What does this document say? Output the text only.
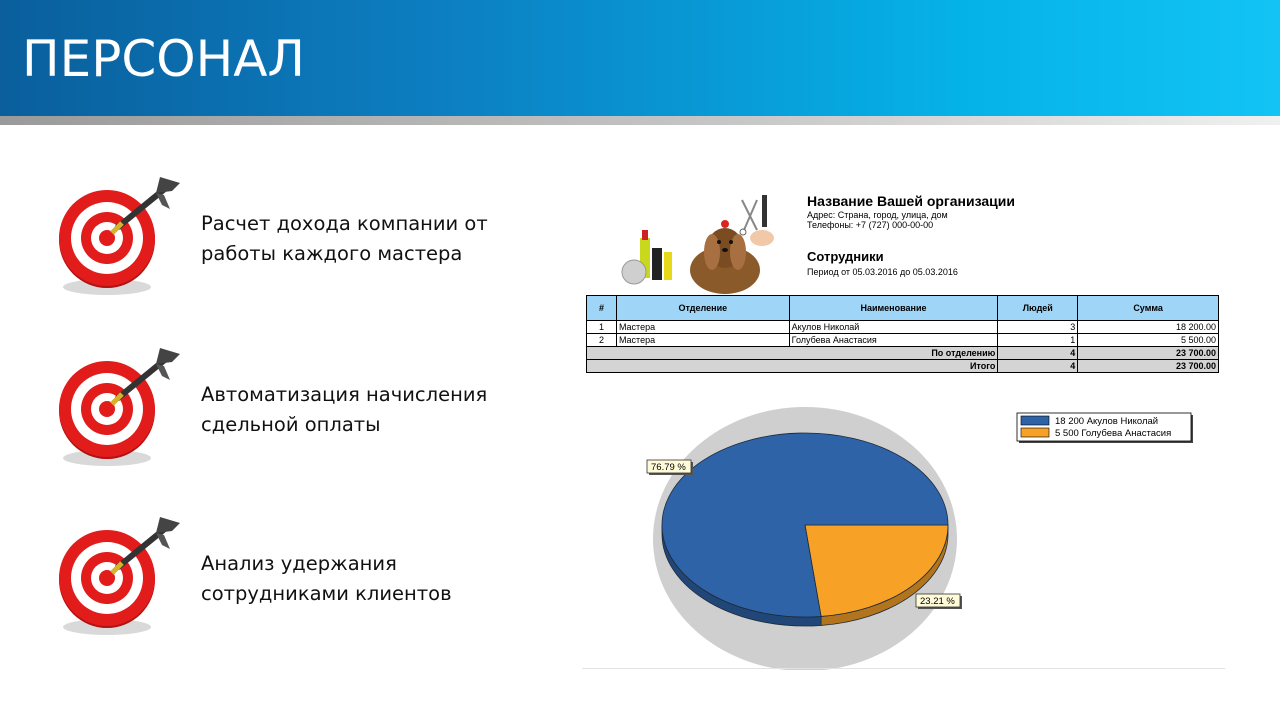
ПЕРСОНАЛ
Расчет дохода компании от
работы каждого мастера
Автоматизация начисления
сдельной оплаты
Анализ удержания
сотрудниками клиентов
Название Вашей организации
Адрес: Страна, город, улица, дом
Телефоны: +7 (727) 000-00-00
Сотрудники
Период от 05.03.2016 до 05.03.2016
#	Отделение	Наименование	Людей	Сумма
1	Мастера	Акулов Николай	3	18 200.00
2	Мастера	Голубева Анастасия	1	5 500.00
По отделению			4	23 700.00
Итого			4	23 700.00
76.79 %
23.21 %
18 200 Акулов Николай
5 500 Голубева Анастасия
